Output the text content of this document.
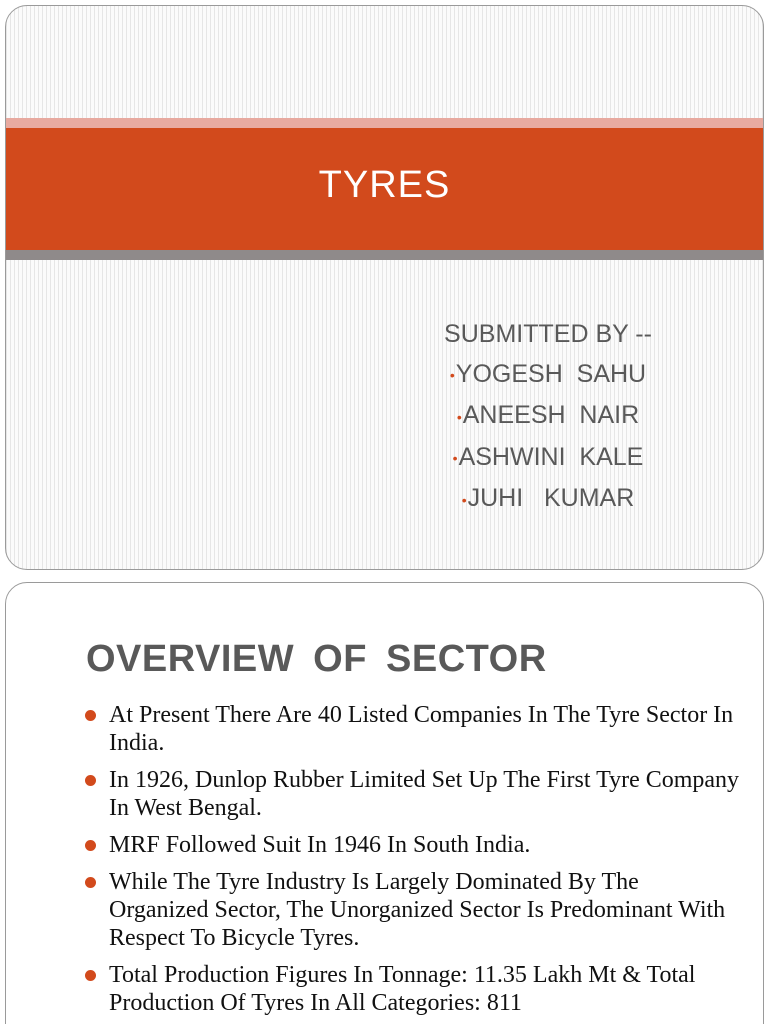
TYRES
SUBMITTED BY --
•YOGESH  SAHU
•ANEESH  NAIR
•ASHWINI  KALE
•JUHI   KUMAR
OVERVIEW OF SECTOR
At Present There Are 40 Listed Companies In The Tyre Sector In India.
In 1926, Dunlop Rubber Limited Set Up The First Tyre Company In West Bengal.
MRF Followed Suit In 1946 In South India.
While The Tyre Industry Is Largely Dominated By The Organized Sector, The Unorganized Sector Is Predominant With Respect To Bicycle Tyres.
Total Production Figures In Tonnage: 11.35 Lakh Mt & Total Production Of Tyres In All Categories: 811
